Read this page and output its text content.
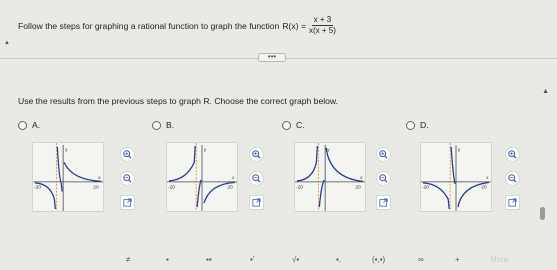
Follow the steps for graphing a rational function to graph the function $R(x) = \frac{x + 3}{x(x + 5)}$
▲
•••
▲
Use the results from the previous steps to graph R. Choose the correct graph below.
A.	B.	C.	D.
y
x
-20	20
y
x
-20	20
y
x
-20	20
y
x
-20	20
≠	▪	▪▪	▪'	√▪	▪.	(▪,▪)	∞	+	More
